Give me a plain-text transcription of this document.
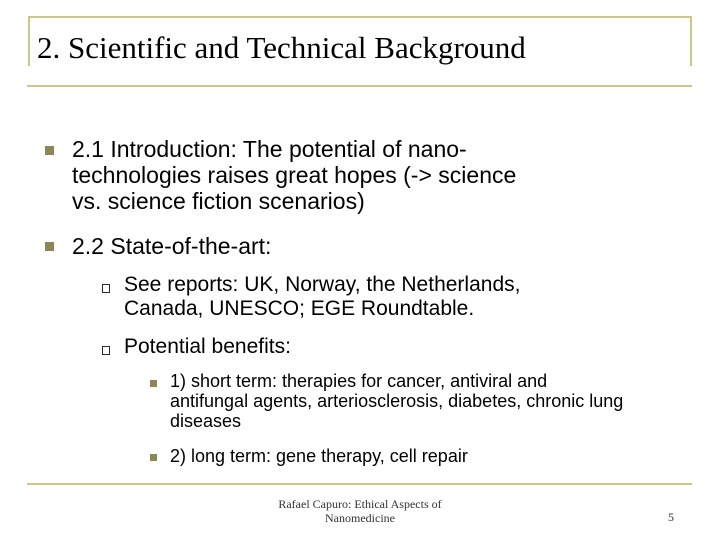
2. Scientific and Technical Background
2.1 Introduction: The potential of nano-
technologies raises great hopes (-> science
vs. science fiction scenarios)
2.2 State-of-the-art:
See reports: UK, Norway, the Netherlands,
Canada, UNESCO; EGE Roundtable.
Potential benefits:
1) short term: therapies for cancer, antiviral and
antifungal agents, arteriosclerosis, diabetes, chronic lung
diseases
2) long term: gene therapy, cell repair
Rafael Capuro: Ethical Aspects of
Nanomedicine	5
